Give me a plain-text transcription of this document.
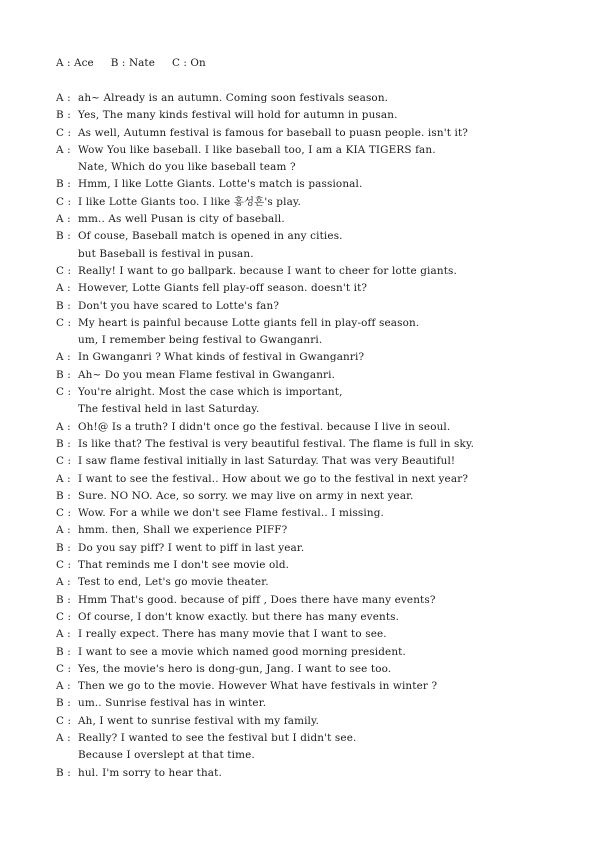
A : Ace     B : Nate     C : On
A : ah~ Already is an autumn. Coming soon festivals season.
B : Yes, The many kinds festival will hold for autumn in pusan.
C : As well, Autumn festival is famous for baseball to puasn people. isn't it?
A : Wow You like baseball. I like baseball too, I am a KIA TIGERS fan.
Nate, Which do you like baseball team ?
B : Hmm, I like Lotte Giants. Lotte's match is passional.
C : I like Lotte Giants too. I like 홍성흔's play.
A : mm.. As well Pusan is city of baseball.
B : Of couse, Baseball match is opened in any cities.
but Baseball is festival in pusan.
C : Really! I want to go ballpark. because I want to cheer for lotte giants.
A : However, Lotte Giants fell play-off season. doesn't it?
B : Don't you have scared to Lotte's fan?
C : My heart is painful because Lotte giants fell in play-off season.
um, I remember being festival to Gwanganri.
A : In Gwanganri ? What kinds of festival in Gwanganri?
B : Ah~ Do you mean Flame festival in Gwanganri.
C : You're alright. Most the case which is important,
The festival held in last Saturday.
A : Oh!@ Is a truth? I didn't once go the festival. because I live in seoul.
B : Is like that? The festival is very beautiful festival. The flame is full in sky.
C : I saw flame festival initially in last Saturday. That was very Beautiful!
A : I want to see the festival.. How about we go to the festival in next year?
B : Sure. NO NO. Ace, so sorry. we may live on army in next year.
C : Wow. For a while we don't see Flame festival.. I missing.
A : hmm. then, Shall we experience PIFF?
B : Do you say piff? I went to piff in last year.
C : That reminds me I don't see movie old.
A : Test to end, Let's go movie theater.
B : Hmm That's good. because of piff , Does there have many events?
C : Of course, I don't know exactly. but there has many events.
A : I really expect. There has many movie that I want to see.
B : I want to see a movie which named good morning president.
C : Yes, the movie's hero is dong-gun, Jang. I want to see too.
A : Then we go to the movie. However What have festivals in winter ?
B : um.. Sunrise festival has in winter.
C : Ah, I went to sunrise festival with my family.
A : Really? I wanted to see the festival but I didn't see.
Because I overslept at that time.
B : hul. I'm sorry to hear that.
